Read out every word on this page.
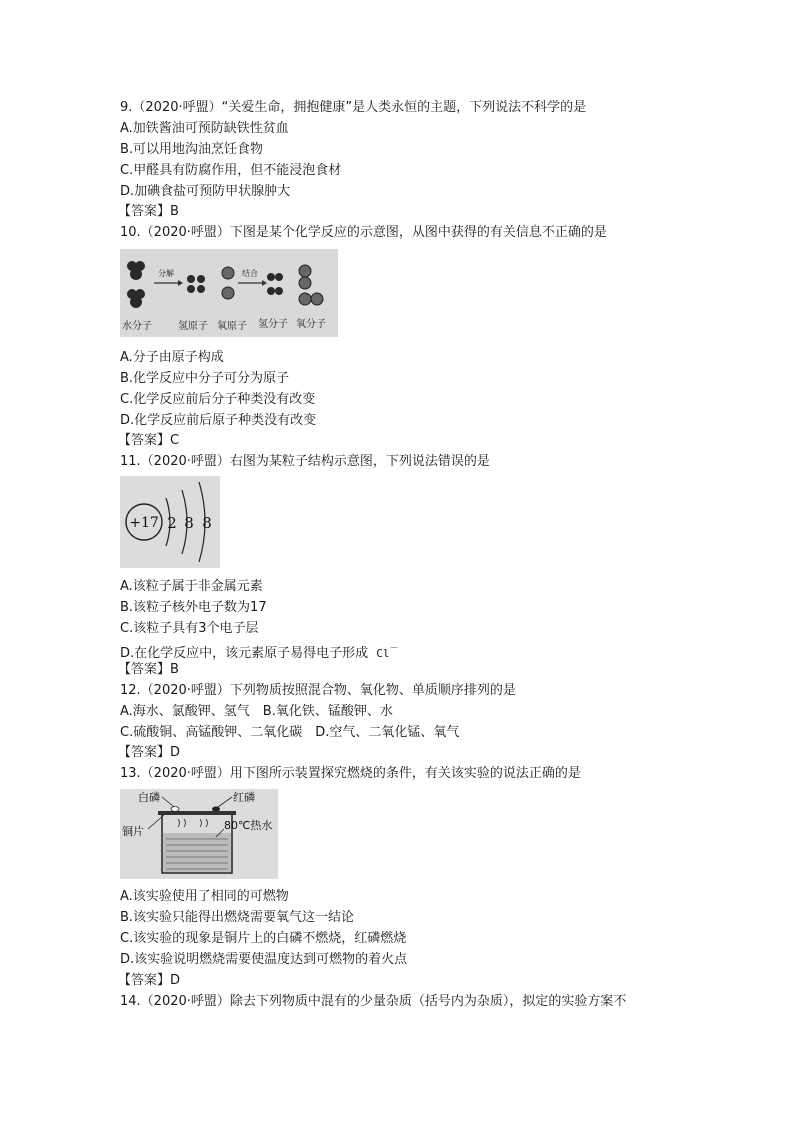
9.（2020·呼盟）“关爱生命，拥抱健康”是人类永恒的主题，下列说法不科学的是
A.加铁酱油可预防缺铁性贫血
B.可以用地沟油烹饪食物
C.甲醛具有防腐作用，但不能浸泡食材
D.加碘食盐可预防甲状腺肿大
【答案】B
10.（2020·呼盟）下图是某个化学反应的示意图，从图中获得的有关信息不正确的是
分解	结合
水分子	氢原子 氧原子 氢分子 氧分子
A.分子由原子构成
B.化学反应中分子可分为原子
C.化学反应前后分子种类没有改变
D.化学反应前后原子种类没有改变
【答案】C
11.（2020·呼盟）右图为某粒子结构示意图，下列说法错误的是
+17 2 8 8
A.该粒子属于非金属元素
B.该粒子核外电子数为17
C.该粒子具有3个电子层
D.在化学反应中，该元素原子易得电子形成 Cl－
【答案】B
12.（2020·呼盟）下列物质按照混合物、氧化物、单质顺序排列的是
A.海水、氯酸钾、氢气　B.氧化铁、锰酸钾、水
C.硫酸铜、高锰酸钾、二氧化碳　D.空气、二氧化锰、氧气
【答案】D
13.（2020·呼盟）用下图所示装置探究燃烧的条件，有关该实验的说法正确的是
白磷	红磷
铜片	80℃热水
A.该实验使用了相同的可燃物
B.该实验只能得出燃烧需要氧气这一结论
C.该实验的现象是铜片上的白磷不燃烧，红磷燃烧
D.该实验说明燃烧需要使温度达到可燃物的着火点
【答案】D
14.（2020·呼盟）除去下列物质中混有的少量杂质（括号内为杂质），拟定的实验方案不
